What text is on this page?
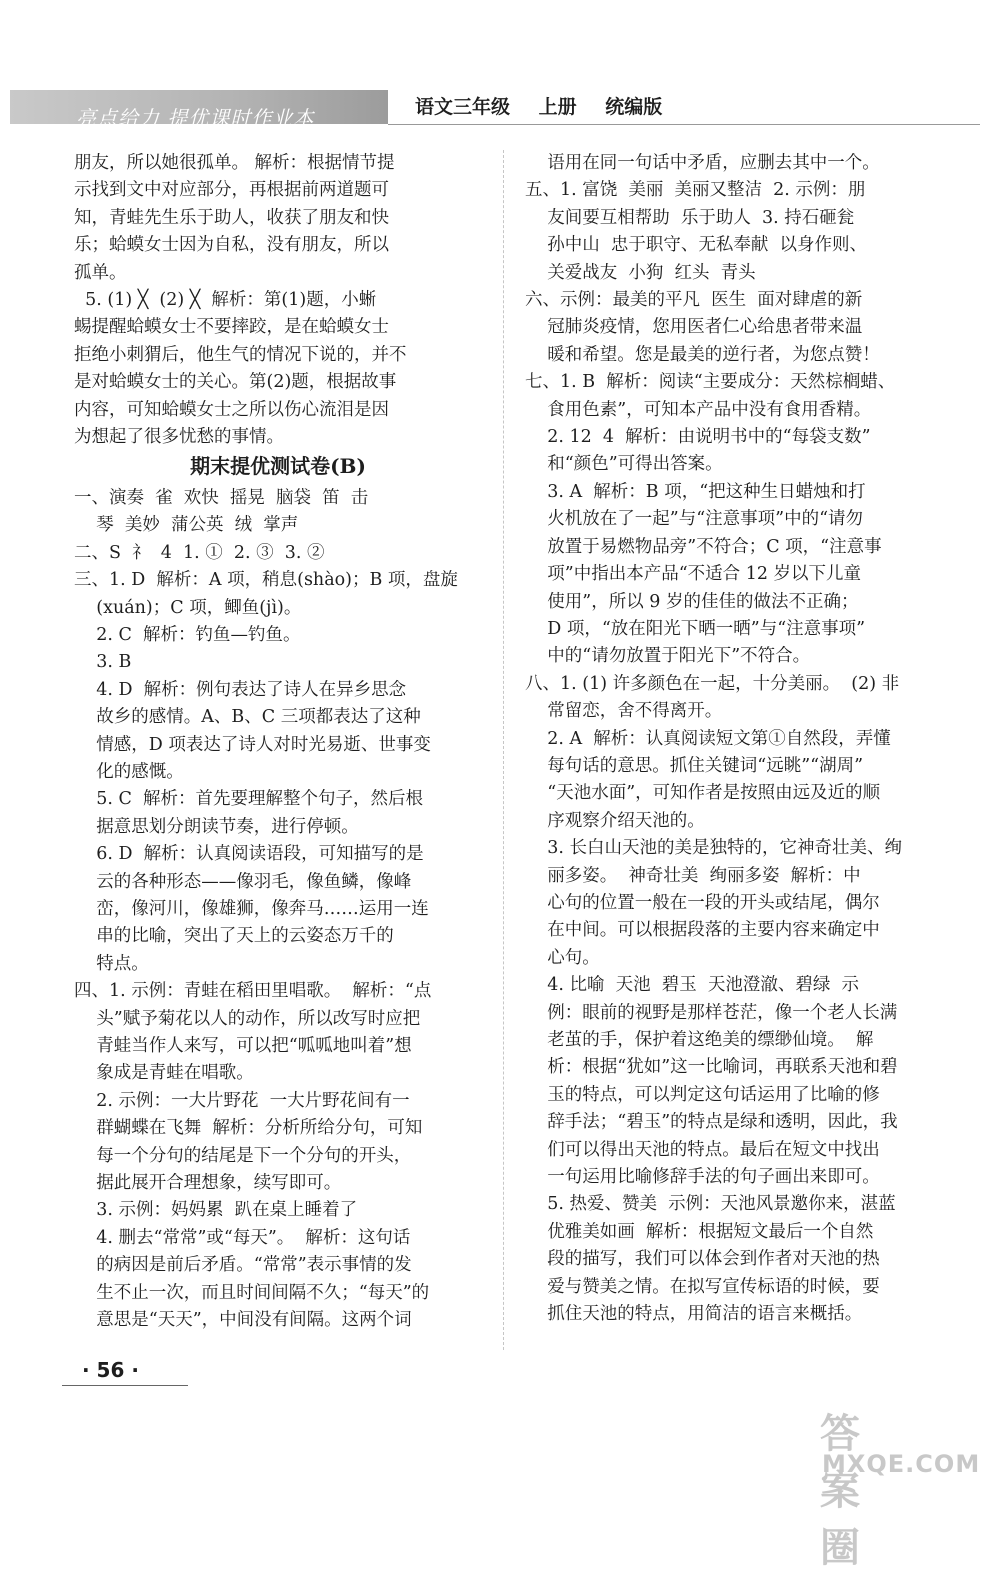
亮点给力 提优课时作业本	语文三年级 上册 统编版

朋友，所以她很孤单。 解析：根据情节提

示找到文中对应部分，再根据前两道题可

知，青蛙先生乐于助人，收获了朋友和快

乐；蛤蟆女士因为自私，没有朋友，所以

孤单。

5. (1) ╳  (2) ╳  解析：第(1)题，小蜥

蜴提醒蛤蟆女士不要摔跤，是在蛤蟆女士

拒绝小刺猬后，他生气的情况下说的，并不

是对蛤蟆女士的关心。第(2)题，根据故事

内容，可知蛤蟆女士之所以伤心流泪是因

为想起了很多忧愁的事情。

期末提优测试卷(B)

一、演奏  雀  欢快  摇晃  脑袋  笛  击

琴  美妙  蒲公英  绒  掌声

二、S  礻  4  1. ①  2. ③  3. ②

三、1. D  解析：A 项，稍息(shào)；B 项，盘旋

(xuán)；C 项，鲫鱼(jì)。

2. C  解析：钓鱼—钓鱼。

3. B

4. D  解析：例句表达了诗人在异乡思念

故乡的感情。A、B、C 三项都表达了这种

情感，D 项表达了诗人对时光易逝、世事变

化的感慨。

5. C  解析：首先要理解整个句子，然后根

据意思划分朗读节奏，进行停顿。

6. D  解析：认真阅读语段，可知描写的是

云的各种形态——像羽毛，像鱼鳞，像峰

峦，像河川，像雄狮，像奔马……运用一连

串的比喻，突出了天上的云姿态万千的

特点。

四、1. 示例：青蛙在稻田里唱歌。  解析：“点

头”赋予菊花以人的动作，所以改写时应把

青蛙当作人来写，可以把“呱呱地叫着”想

象成是青蛙在唱歌。

2. 示例：一大片野花  一大片野花间有一

群蝴蝶在飞舞  解析：分析所给分句，可知

每一个分句的结尾是下一个分句的开头，

据此展开合理想象，续写即可。

3. 示例：妈妈累  趴在桌上睡着了

4. 删去“常常”或“每天”。  解析：这句话

的病因是前后矛盾。“常常”表示事情的发

生不止一次，而且时间间隔不久；“每天”的

意思是“天天”，中间没有间隔。这两个词

语用在同一句话中矛盾，应删去其中一个。

五、1. 富饶  美丽  美丽又整洁  2. 示例：朋

友间要互相帮助  乐于助人  3. 持石砸瓮

孙中山  忠于职守、无私奉献  以身作则、

关爱战友  小狗  红头  青头

六、示例：最美的平凡  医生  面对肆虐的新

冠肺炎疫情，您用医者仁心给患者带来温

暖和希望。您是最美的逆行者，为您点赞！

七、1. B  解析：阅读“主要成分：天然棕榈蜡、

食用色素”，可知本产品中没有食用香精。

2. 12  4  解析：由说明书中的“每袋支数”

和“颜色”可得出答案。

3. A  解析：B 项，“把这种生日蜡烛和打

火机放在了一起”与“注意事项”中的“请勿

放置于易燃物品旁”不符合；C 项，“注意事

项”中指出本产品“不适合 12 岁以下儿童

使用”，所以 9 岁的佳佳的做法不正确；

D 项，“放在阳光下晒一晒”与“注意事项”

中的“请勿放置于阳光下”不符合。

八、1. (1) 许多颜色在一起，十分美丽。  (2) 非

常留恋，舍不得离开。

2. A  解析：认真阅读短文第①自然段，弄懂

每句话的意思。抓住关键词“远眺”“湖周”

“天池水面”，可知作者是按照由远及近的顺

序观察介绍天池的。

3. 长白山天池的美是独特的，它神奇壮美、绚

丽多姿。  神奇壮美  绚丽多姿  解析：中

心句的位置一般在一段的开头或结尾，偶尔

在中间。可以根据段落的主要内容来确定中

心句。

4. 比喻  天池  碧玉  天池澄澈、碧绿  示

例：眼前的视野是那样苍茫，像一个老人长满

老茧的手，保护着这绝美的缥缈仙境。  解

析：根据“犹如”这一比喻词，再联系天池和碧

玉的特点，可以判定这句话运用了比喻的修

辞手法；“碧玉”的特点是绿和透明，因此，我

们可以得出天池的特点。最后在短文中找出

一句运用比喻修辞手法的句子画出来即可。

5. 热爱、赞美  示例：天池风景邀你来，湛蓝

优雅美如画  解析：根据短文最后一个自然

段的描写，我们可以体会到作者对天池的热

爱与赞美之情。在拟写宣传标语的时候，要

抓住天池的特点，用简洁的语言来概括。

· 56 ·
答案圈
MXQE.COM
